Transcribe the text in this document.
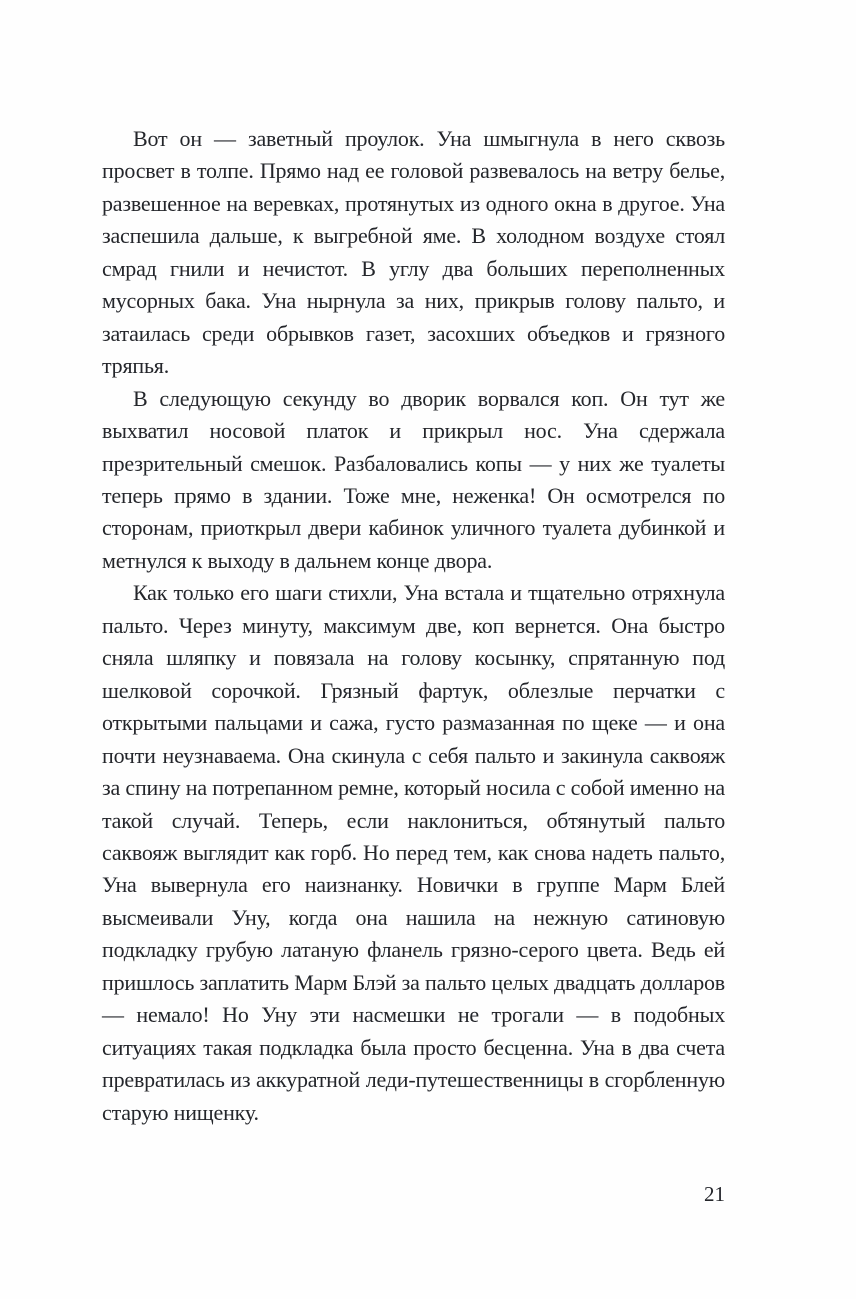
Вот он — заветный проулок. Уна шмыгнула в него сквозь просвет в толпе. Прямо над ее головой развевалось на ветру белье, развешенное на веревках, протянутых из одного окна в другое. Уна заспешила дальше, к выгребной яме. В холодном воздухе стоял смрад гнили и нечистот. В углу два больших переполненных мусорных бака. Уна нырнула за них, прикрыв голову пальто, и затаилась среди обрывков газет, засохших объедков и грязного тряпья.

В следующую секунду во дворик ворвался коп. Он тут же выхватил носовой платок и прикрыл нос. Уна сдержала презрительный смешок. Разбаловались копы — у них же туалеты теперь прямо в здании. Тоже мне, неженка! Он осмотрелся по сторонам, приоткрыл двери кабинок уличного туалета дубинкой и метнулся к выходу в дальнем конце двора.

Как только его шаги стихли, Уна встала и тщательно отряхнула пальто. Через минуту, максимум две, коп вернется. Она быстро сняла шляпку и повязала на голову косынку, спрятанную под шелковой сорочкой. Грязный фартук, облезлые перчатки с открытыми пальцами и сажа, густо размазанная по щеке — и она почти неузнаваема. Она скинула с себя пальто и закинула саквояж за спину на потрепанном ремне, который носила с собой именно на такой случай. Теперь, если наклониться, обтянутый пальто саквояж выглядит как горб. Но перед тем, как снова надеть пальто, Уна вывернула его наизнанку. Новички в группе Марм Блей высмеивали Уну, когда она нашила на нежную сатиновую подкладку грубую латаную фланель грязно-серого цвета. Ведь ей пришлось заплатить Марм Блэй за пальто целых двадцать долларов — немало! Но Уну эти насмешки не трогали — в подобных ситуациях такая подкладка была просто бесценна. Уна в два счета превратилась из аккуратной леди-путешественницы в сгорбленную старую нищенку.

21
